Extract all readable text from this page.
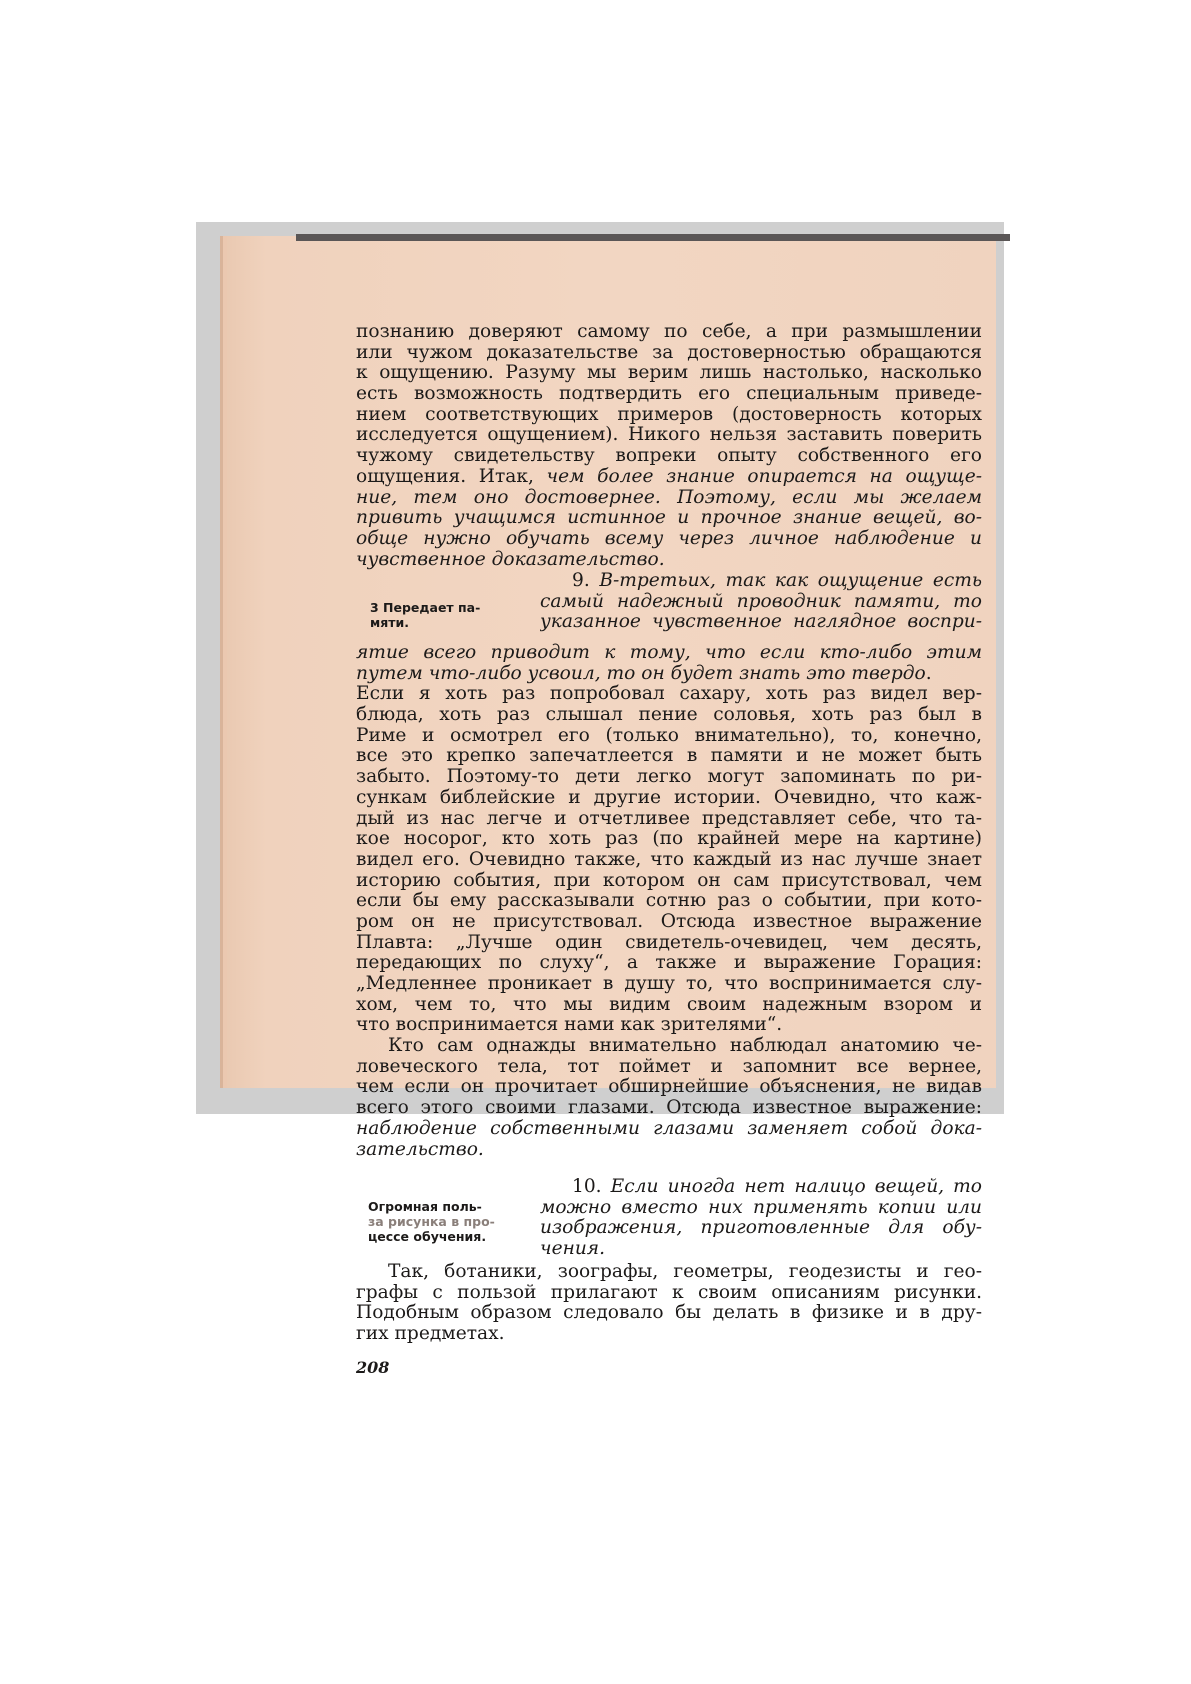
познанию доверяют самому по себе, а при размышлении
или чужом доказательстве за достоверностью обращаются
к ощущению. Разуму мы верим лишь настолько, насколько
есть возможность подтвердить его специальным приведе-
нием соответствующих примеров (достоверность которых
исследуется ощущением). Никого нельзя заставить поверить
чужому свидетельству вопреки опыту собственного его
ощущения. Итак, чем более знание опирается на ощуще-
ние, тем оно достовернее. Поэтому, если мы желаем
привить учащимся истинное и прочное знание вещей, во-
обще нужно обучать всему через личное наблюдение и
чувственное доказательство.
3 Передает па-
мяти.
9. В-третьих, так как ощущение есть
самый надежный проводник памяти, то
указанное чувственное наглядное воспри-
ятие всего приводит к тому, что если кто-либо этим
путем что-либо усвоил, то он будет знать это твердо.
Если я хоть раз попробовал сахару, хоть раз видел вер-
блюда, хоть раз слышал пение соловья, хоть раз был в
Риме и осмотрел его (только внимательно), то, конечно,
все это крепко запечатлеется в памяти и не может быть
забыто. Поэтому-то дети легко могут запоминать по ри-
сункам библейские и другие истории. Очевидно, что каж-
дый из нас легче и отчетливее представляет себе, что та-
кое носорог, кто хоть раз (по крайней мере на картине)
видел его. Очевидно также, что каждый из нас лучше знает
историю события, при котором он сам присутствовал, чем
если бы ему рассказывали сотню раз о событии, при кото-
ром он не присутствовал. Отсюда известное выражение
Плавта: „Лучше один свидетель-очевидец, чем десять,
передающих по слуху“, а также и выражение Горация:
„Медленнее проникает в душу то, что воспринимается слу-
хом, чем то, что мы видим своим надежным взором и
что воспринимается нами как зрителями“.
Кто сам однажды внимательно наблюдал анатомию че-
ловеческого тела, тот поймет и запомнит все вернее,
чем если он прочитает обширнейшие объяснения, не видав
всего этого своими глазами. Отсюда известное выражение:
наблюдение собственными глазами заменяет собой дока-
зательство.
Огромная поль-
за рисунка в про-
цессе обучения.
10. Если иногда нет налицо вещей, то
можно вместо них применять копии или
изображения, приготовленные для обу-
чения.
Так, ботаники, зоографы, геометры, геодезисты и гео-
графы с пользой прилагают к своим описаниям рисунки.
Подобным образом следовало бы делать в физике и в дру-
гих предметах.
208
